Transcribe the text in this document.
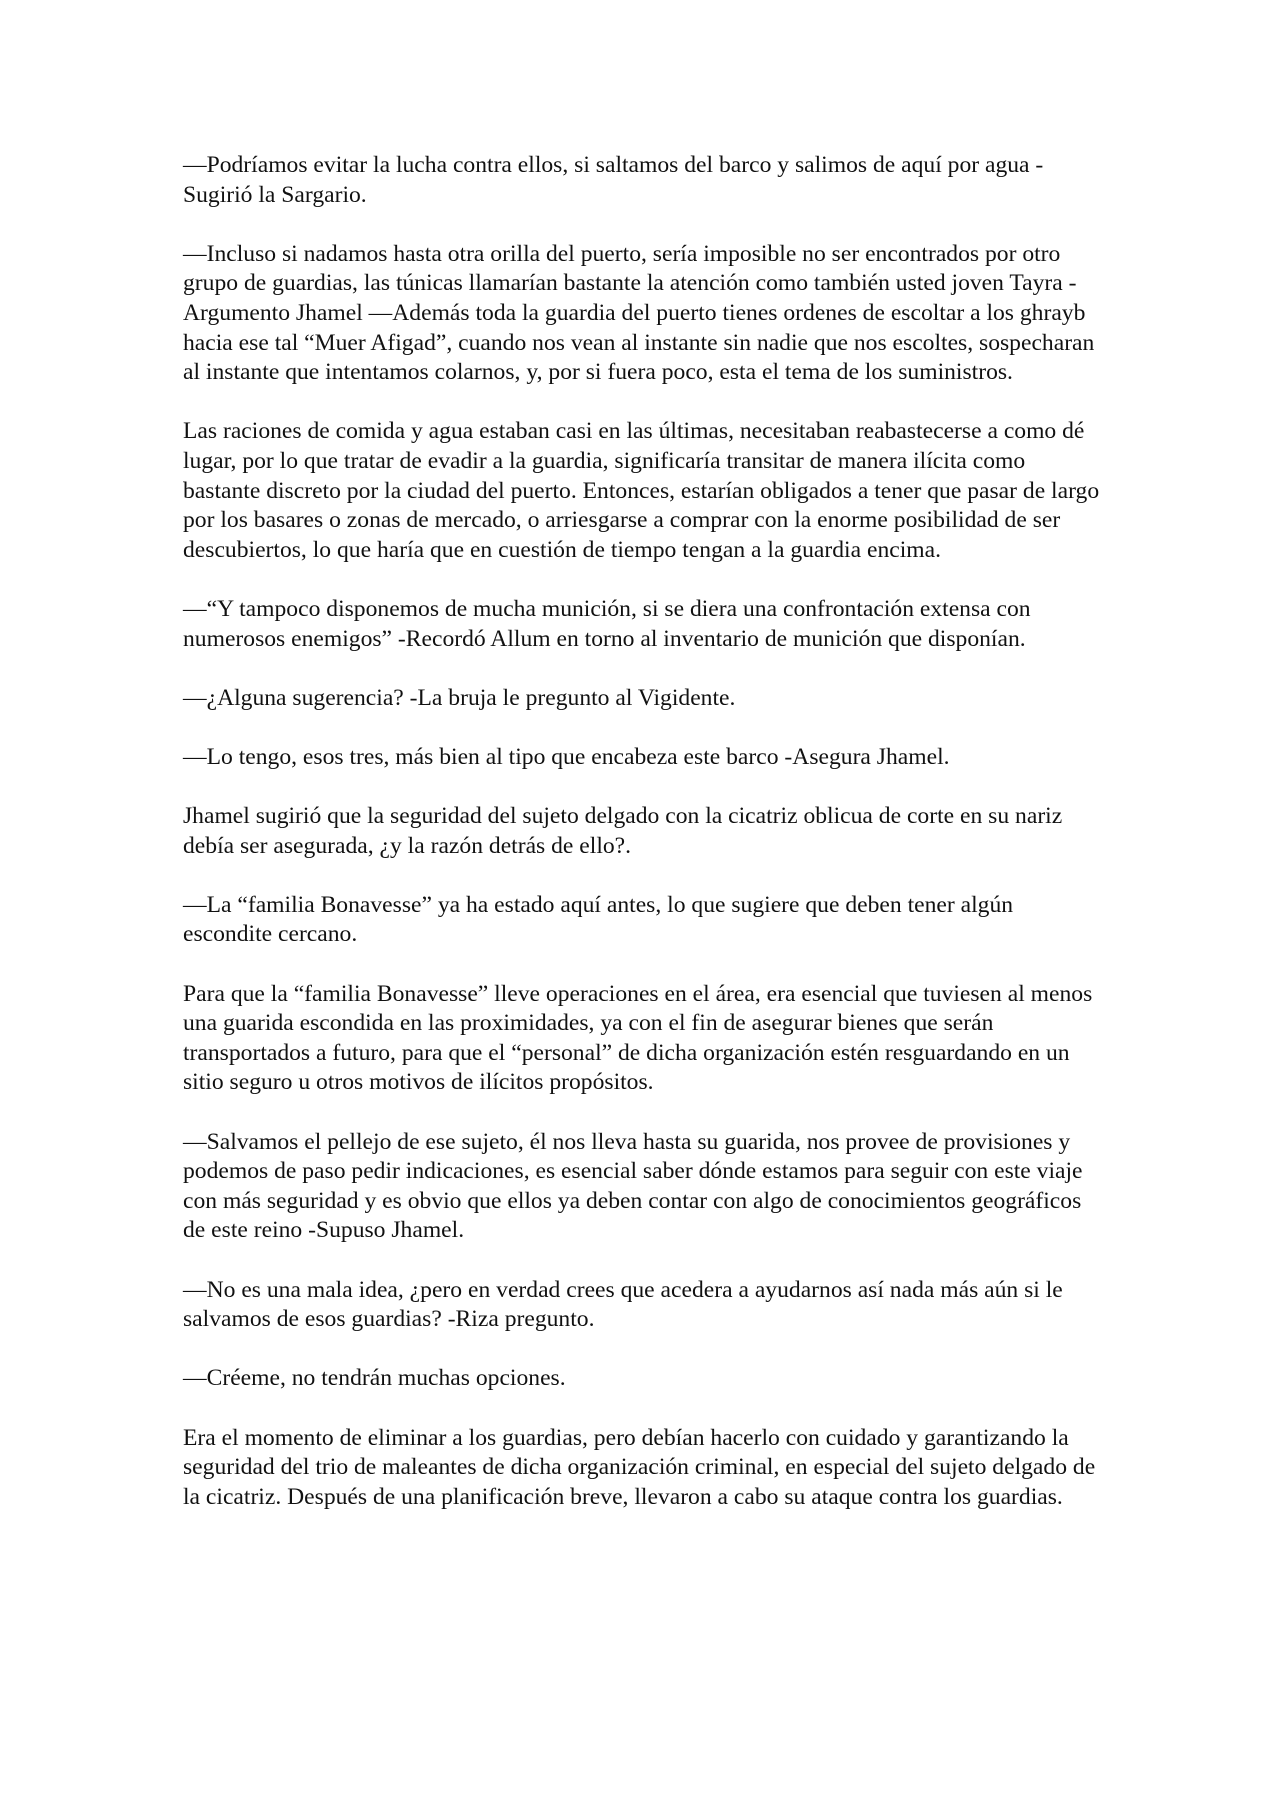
—Podríamos evitar la lucha contra ellos, si saltamos del barco y salimos de aquí por agua -Sugirió la Sargario.

—Incluso si nadamos hasta otra orilla del puerto, sería imposible no ser encontrados por otro grupo de guardias, las túnicas llamarían bastante la atención como también usted joven Tayra -Argumento Jhamel —Además toda la guardia del puerto tienes ordenes de escoltar a los ghrayb hacia ese tal “Muer Afigad”, cuando nos vean al instante sin nadie que nos escoltes, sospecharan al instante que intentamos colarnos, y, por si fuera poco, esta el tema de los suministros.

Las raciones de comida y agua estaban casi en las últimas, necesitaban reabastecerse a como dé lugar, por lo que tratar de evadir a la guardia, significaría transitar de manera ilícita como bastante discreto por la ciudad del puerto. Entonces, estarían obligados a tener que pasar de largo por los basares o zonas de mercado, o arriesgarse a comprar con la enorme posibilidad de ser descubiertos, lo que haría que en cuestión de tiempo tengan a la guardia encima.

—“Y tampoco disponemos de mucha munición, si se diera una confrontación extensa con numerosos enemigos” -Recordó Allum en torno al inventario de munición que disponían.

—¿Alguna sugerencia? -La bruja le pregunto al Vigidente.

—Lo tengo, esos tres, más bien al tipo que encabeza este barco -Asegura Jhamel.

Jhamel sugirió que la seguridad del sujeto delgado con la cicatriz oblicua de corte en su nariz debía ser asegurada, ¿y la razón detrás de ello?.

—La “familia Bonavesse” ya ha estado aquí antes, lo que sugiere que deben tener algún escondite cercano.

Para que la “familia Bonavesse” lleve operaciones en el área, era esencial que tuviesen al menos una guarida escondida en las proximidades, ya con el fin de asegurar bienes que serán transportados a futuro, para que el “personal” de dicha organización estén resguardando en un sitio seguro u otros motivos de ilícitos propósitos.

—Salvamos el pellejo de ese sujeto, él nos lleva hasta su guarida, nos provee de provisiones y podemos de paso pedir indicaciones, es esencial saber dónde estamos para seguir con este viaje con más seguridad y es obvio que ellos ya deben contar con algo de conocimientos geográficos de este reino -Supuso Jhamel.

—No es una mala idea, ¿pero en verdad crees que acedera a ayudarnos así nada más aún si le salvamos de esos guardias? -Riza pregunto.

—Créeme, no tendrán muchas opciones.

Era el momento de eliminar a los guardias, pero debían hacerlo con cuidado y garantizando la seguridad del trio de maleantes de dicha organización criminal, en especial del sujeto delgado de la cicatriz. Después de una planificación breve, llevaron a cabo su ataque contra los guardias.
